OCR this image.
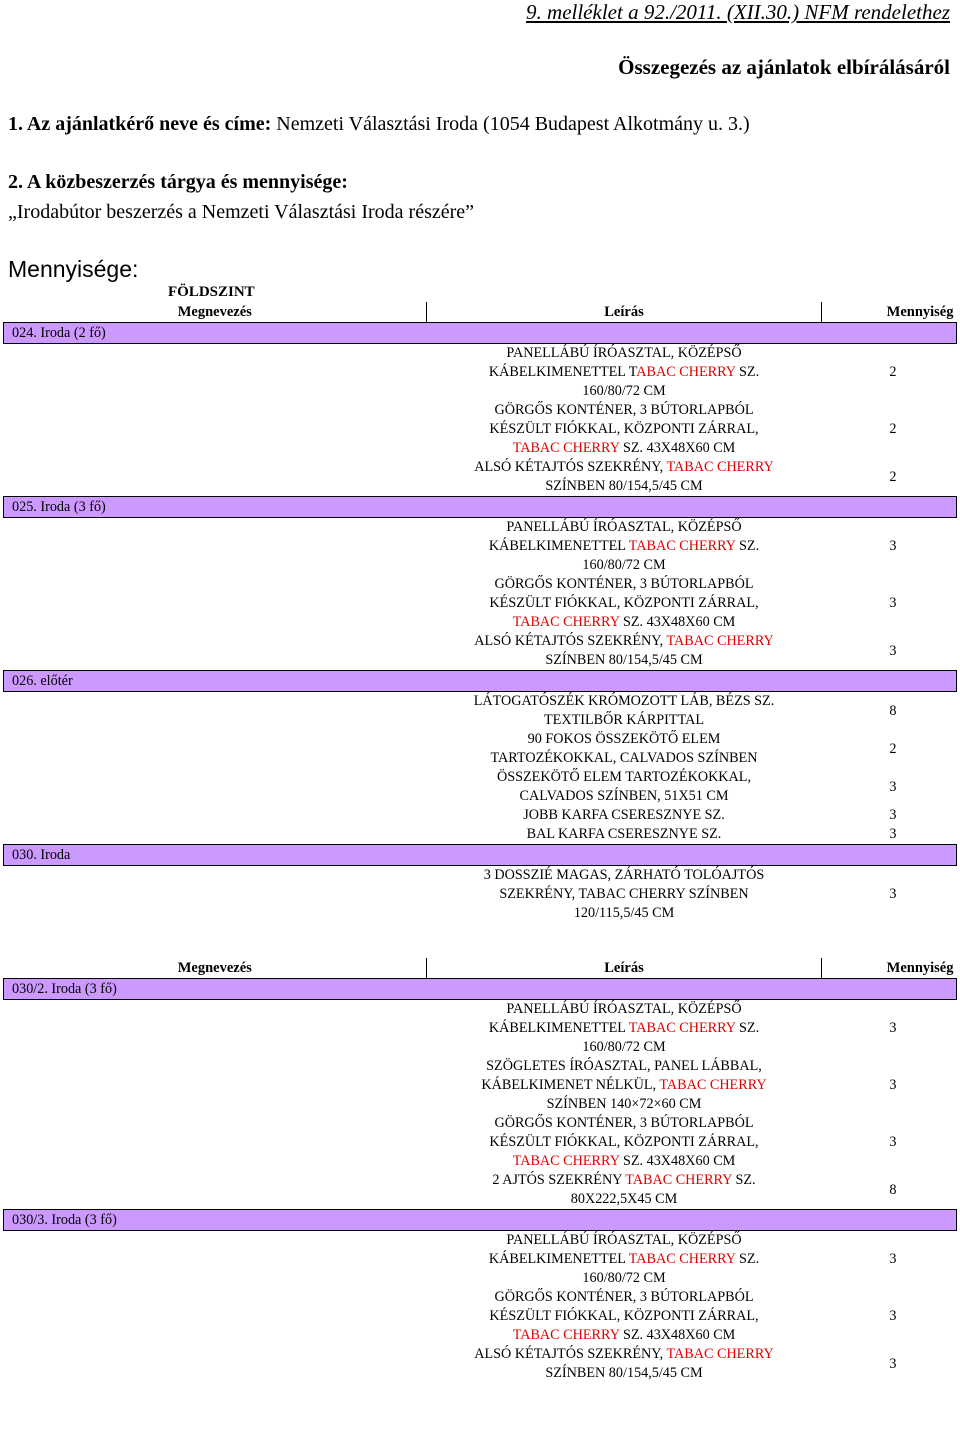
9. melléklet a 92./2011. (XII.30.) NFM rendelethez
Összegezés az ajánlatok elbírálásáról
1. Az ajánlatkérő neve és címe: Nemzeti Választási Iroda (1054 Budapest Alkotmány u. 3.)
2. A közbeszerzés tárgya és mennyisége:
„Irodabútor beszerzés a Nemzeti Választási Iroda részére”
Mennyisége:
FÖLDSZINT
Megnevezés	Leírás	Mennyiség
024. Iroda (2 fő)		
	PANELLÁBÚ ÍRÓASZTAL, KÖZÉPSŐ
KÁBELKIMENETTEL TABAC CHERRY SZ.
160/80/72 CM	2
	GÖRGŐS KONTÉNER, 3 BÚTORLAPBÓL
KÉSZÜLT FIÓKKAL, KÖZPONTI ZÁRRAL,
TABAC CHERRY SZ. 43X48X60 CM	2
	ALSÓ KÉTAJTÓS SZEKRÉNY, TABAC CHERRY
SZÍNBEN 80/154,5/45 CM	2
025. Iroda (3 fő)		
	PANELLÁBÚ ÍRÓASZTAL, KÖZÉPSŐ
KÁBELKIMENETTEL TABAC CHERRY SZ.
160/80/72 CM	3
	GÖRGŐS KONTÉNER, 3 BÚTORLAPBÓL
KÉSZÜLT FIÓKKAL, KÖZPONTI ZÁRRAL,
TABAC CHERRY SZ. 43X48X60 CM	3
	ALSÓ KÉTAJTÓS SZEKRÉNY, TABAC CHERRY
SZÍNBEN 80/154,5/45 CM	3
026. előtér		
	LÁTOGATÓSZÉK KRÓMOZOTT LÁB, BÉZS SZ.
TEXTILBŐR KÁRPITTAL	8
	90 FOKOS ÖSSZEKÖTŐ ELEM
TARTOZÉKOKKAL, CALVADOS SZÍNBEN	2
	ÖSSZEKÖTŐ ELEM TARTOZÉKOKKAL,
CALVADOS SZÍNBEN, 51X51 CM	3
	JOBB KARFA CSERESZNYE SZ.	3
	BAL KARFA CSERESZNYE SZ.	3
030. Iroda		
	3 DOSSZIÉ MAGAS, ZÁRHATÓ TOLÓAJTÓS
SZEKRÉNY, TABAC CHERRY SZÍNBEN
120/115,5/45 CM	3
Megnevezés	Leírás	Mennyiség
030/2. Iroda (3 fő)		
	PANELLÁBÚ ÍRÓASZTAL, KÖZÉPSŐ
KÁBELKIMENETTEL TABAC CHERRY SZ.
160/80/72 CM	3
	SZÖGLETES ÍRÓASZTAL, PANEL LÁBBAL,
KÁBELKIMENET NÉLKÜL, TABAC CHERRY
SZÍNBEN 140×72×60 CM	3
	GÖRGŐS KONTÉNER, 3 BÚTORLAPBÓL
KÉSZÜLT FIÓKKAL, KÖZPONTI ZÁRRAL,
TABAC CHERRY SZ. 43X48X60 CM	3
	2 AJTÓS SZEKRÉNY TABAC CHERRY SZ.
80X222,5X45 CM	8
030/3. Iroda (3 fő)		
	PANELLÁBÚ ÍRÓASZTAL, KÖZÉPSŐ
KÁBELKIMENETTEL TABAC CHERRY SZ.
160/80/72 CM	3
	GÖRGŐS KONTÉNER, 3 BÚTORLAPBÓL
KÉSZÜLT FIÓKKAL, KÖZPONTI ZÁRRAL,
TABAC CHERRY SZ. 43X48X60 CM	3
	ALSÓ KÉTAJTÓS SZEKRÉNY, TABAC CHERRY
SZÍNBEN 80/154,5/45 CM	3
